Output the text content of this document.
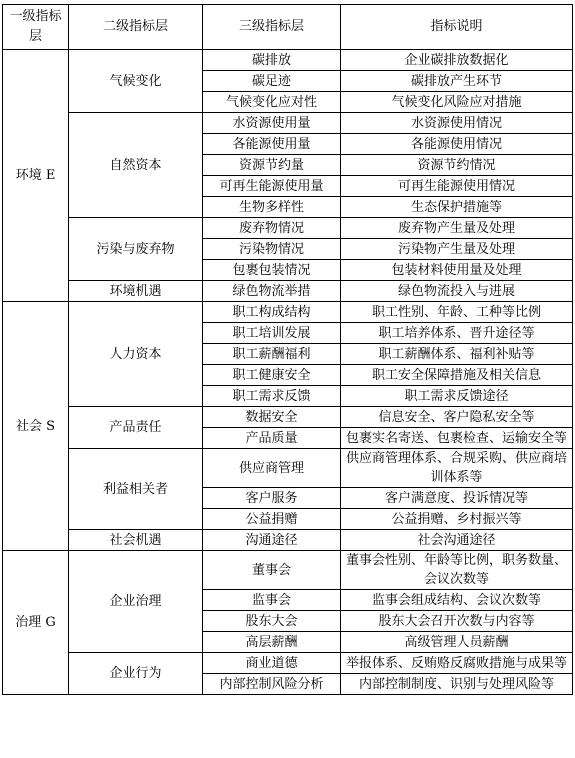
一级指标层	二级指标层	三级指标层	指标说明
环境 E	气候变化	碳排放	企业碳排放数据化
		碳足迹	碳排放产生环节
		气候变化应对性	气候变化风险应对措施
	自然资本	水资源使用量	水资源使用情况
		各能源使用量	各能源使用情况
		资源节约量	资源节约情况
		可再生能源使用量	可再生能源使用情况
		生物多样性	生态保护措施等
	污染与废弃物	废弃物情况	废弃物产生量及处理
		污染物情况	污染物产生量及处理
		包裹包装情况	包装材料使用量及处理
	环境机遇	绿色物流举措	绿色物流投入与进展
社会 S	人力资本	职工构成结构	职工性别、年龄、工种等比例
		职工培训发展	职工培养体系、晋升途径等
		职工薪酬福利	职工薪酬体系、福利补贴等
		职工健康安全	职工安全保障措施及相关信息
		职工需求反馈	职工需求反馈途径
	产品责任	数据安全	信息安全、客户隐私安全等
		产品质量	包裹实名寄送、包裹检查、运输安全等
	利益相关者	供应商管理	供应商管理体系、合规采购、供应商培训体系等
		客户服务	客户满意度、投诉情况等
		公益捐赠	公益捐赠、乡村振兴等
	社会机遇	沟通途径	社会沟通途径
治理 G	企业治理	董事会	董事会性别、年龄等比例，职务数量、会议次数等
		监事会	监事会组成结构、会议次数等
		股东大会	股东大会召开次数与内容等
		高层薪酬	高级管理人员薪酬
	企业行为	商业道德	举报体系、反贿赂反腐败措施与成果等
		内部控制风险分析	内部控制制度、识别与处理风险等
